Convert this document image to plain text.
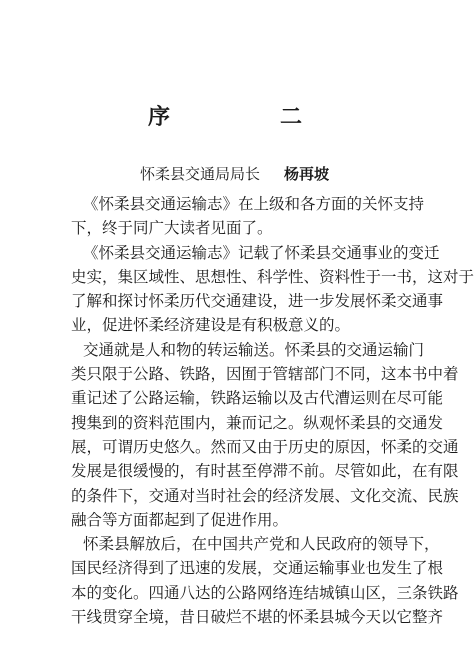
序　二
怀柔县交通局局长 杨再坡

《怀柔县交通运输志》在上级和各方面的关怀支持
下，终于同广大读者见面了。

《怀柔县交通运输志》记载了怀柔县交通事业的变迁
史实，集区域性、思想性、科学性、资料性于一书，这对于
了解和探讨怀柔历代交通建设，进一步发展怀柔交通事
业，促进怀柔经济建设是有积极意义的。

交通就是人和物的转运输送。怀柔县的交通运输门
类只限于公路、铁路，因囿于管辖部门不同，这本书中着
重记述了公路运输，铁路运输以及古代漕运则在尽可能
搜集到的资料范围内，兼而记之。纵观怀柔县的交通发
展，可谓历史悠久。然而又由于历史的原因，怀柔的交通
发展是很缓慢的，有时甚至停滞不前。尽管如此，在有限
的条件下，交通对当时社会的经济发展、文化交流、民族
融合等方面都起到了促进作用。

怀柔县解放后，在中国共产党和人民政府的领导下，
国民经济得到了迅速的发展，交通运输事业也发生了根
本的变化。四通八达的公路网络连结城镇山区，三条铁路
干线贯穿全境，昔日破烂不堪的怀柔县城今天以它整齐
